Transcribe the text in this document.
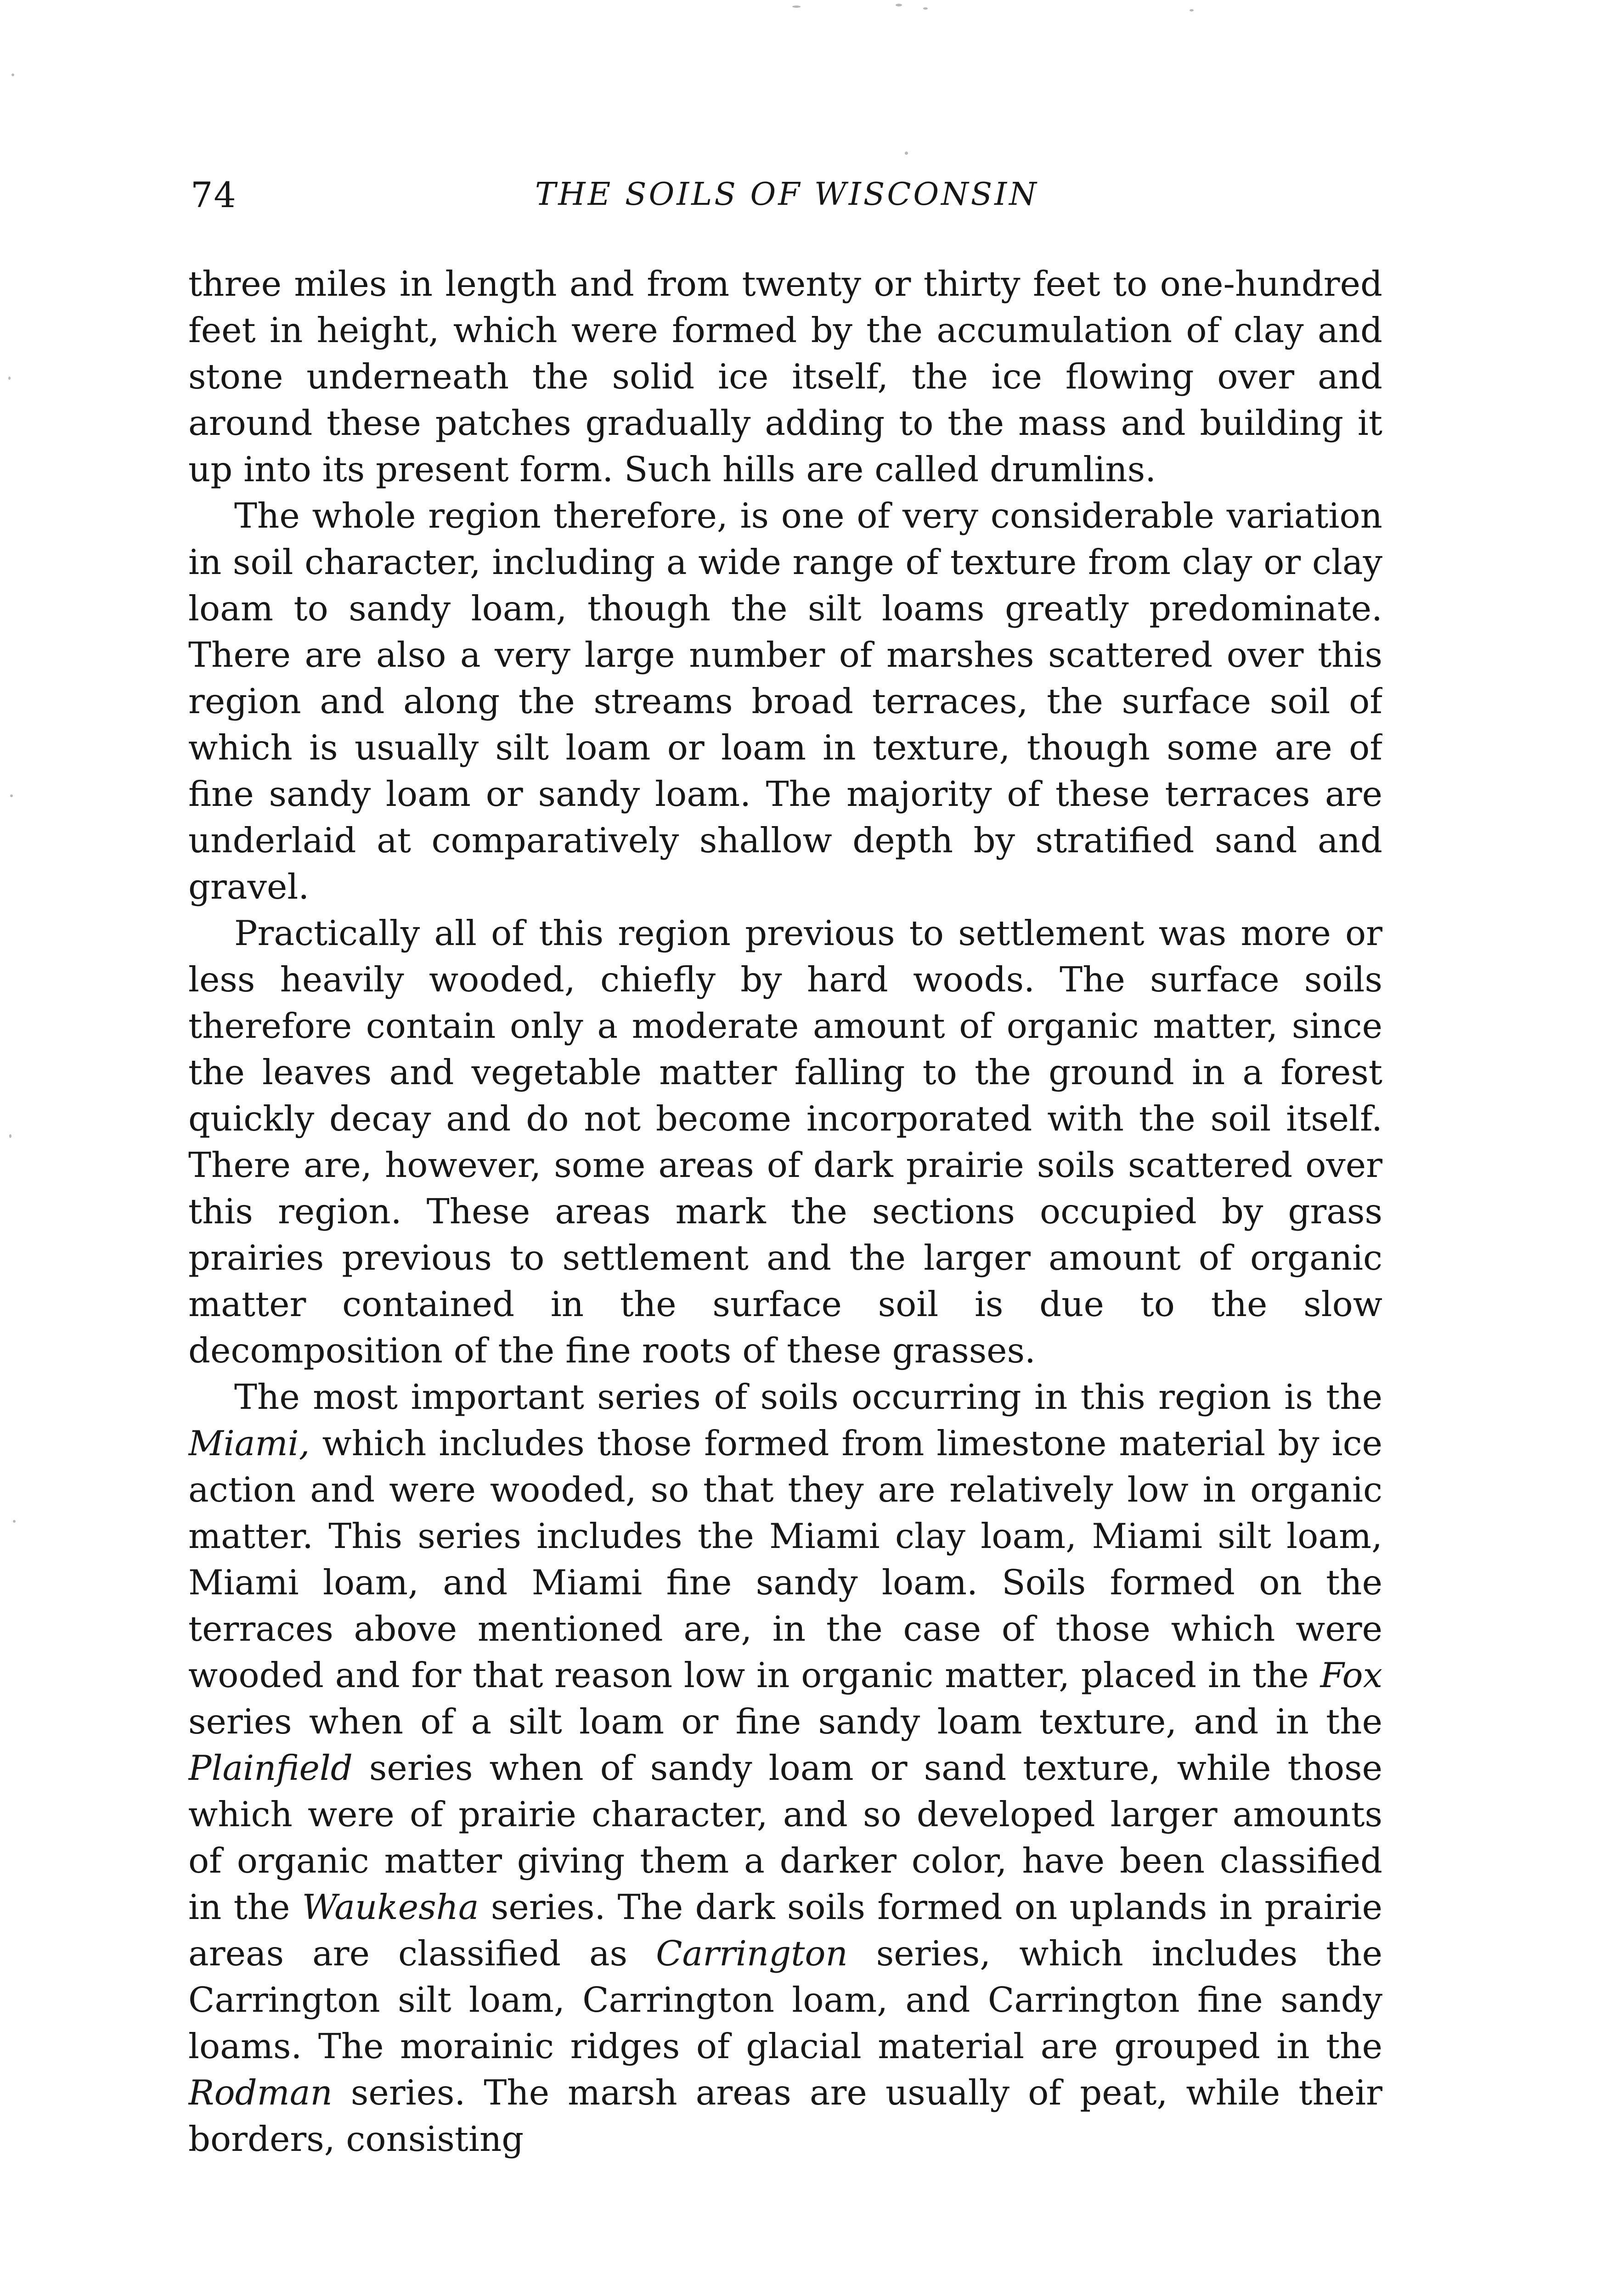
74	THE SOILS OF WISCONSIN

three miles in length and from twenty or thirty feet to one-hundred feet in height, which were formed by the accumulation of clay and stone underneath the solid ice itself, the ice flowing over and around these patches gradually adding to the mass and building it up into its present form. Such hills are called drumlins.

The whole region therefore, is one of very considerable variation in soil character, including a wide range of texture from clay or clay loam to sandy loam, though the silt loams greatly predominate. There are also a very large number of marshes scattered over this region and along the streams broad terraces, the surface soil of which is usually silt loam or loam in texture, though some are of fine sandy loam or sandy loam. The majority of these terraces are underlaid at comparatively shallow depth by stratified sand and gravel.

Practically all of this region previous to settlement was more or less heavily wooded, chiefly by hard woods. The surface soils therefore contain only a moderate amount of organic matter, since the leaves and vegetable matter falling to the ground in a forest quickly decay and do not become incorporated with the soil itself. There are, however, some areas of dark prairie soils scattered over this region. These areas mark the sections occupied by grass prairies previous to settlement and the larger amount of organic matter contained in the surface soil is due to the slow decomposition of the fine roots of these grasses.

The most important series of soils occurring in this region is the Miami, which includes those formed from limestone material by ice action and were wooded, so that they are relatively low in organic matter. This series includes the Miami clay loam, Miami silt loam, Miami loam, and Miami fine sandy loam. Soils formed on the terraces above mentioned are, in the case of those which were wooded and for that reason low in organic matter, placed in the Fox series when of a silt loam or fine sandy loam texture, and in the Plainfield series when of sandy loam or sand texture, while those which were of prairie character, and so developed larger amounts of organic matter giving them a darker color, have been classified in the Waukesha series. The dark soils formed on uplands in prairie areas are classified as Carrington series, which includes the Carrington silt loam, Carrington loam, and Carrington fine sandy loams. The morainic ridges of glacial material are grouped in the Rodman series. The marsh areas are usually of peat, while their borders, consisting
